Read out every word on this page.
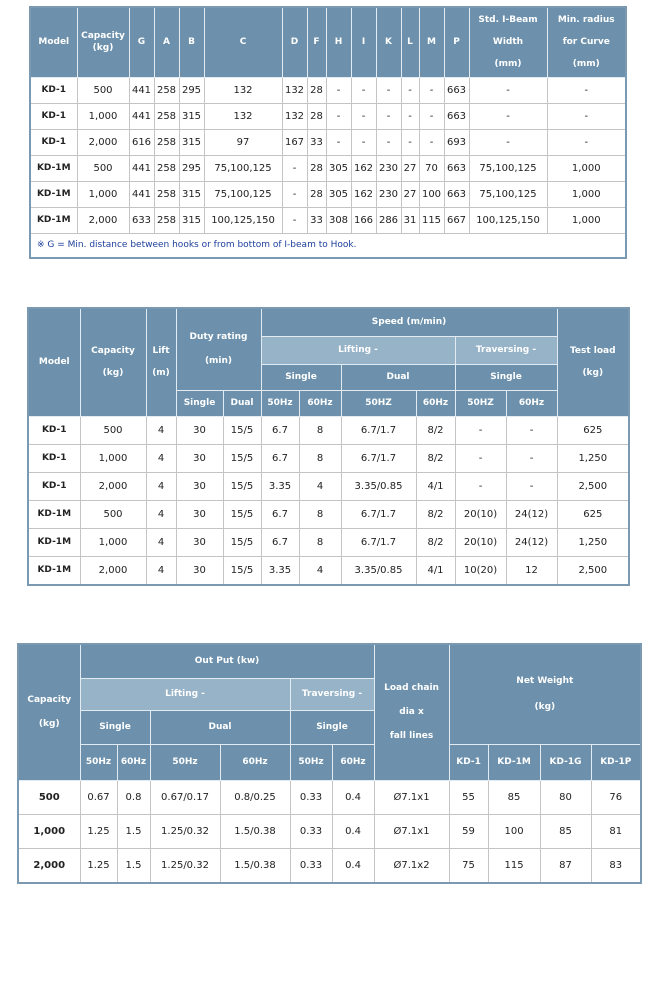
Model	Capacity
(kg)	G	A	B	C	D	F	H	I	K	L	M	P	Std. I-Beam
Width
(mm)	Min. radius
for Curve
(mm)
KD-1	500	441	258	295	132	132	28	-	-	-	-	-	663	-	-
KD-1	1,000	441	258	315	132	132	28	-	-	-	-	-	663	-	-
KD-1	2,000	616	258	315	97	167	33	-	-	-	-	-	693	-	-
KD-1M	500	441	258	295	75,100,125	-	28	305	162	230	27	70	663	75,100,125	1,000
KD-1M	1,000	441	258	315	75,100,125	-	28	305	162	230	27	100	663	75,100,125	1,000
KD-1M	2,000	633	258	315	100,125,150	-	33	308	166	286	31	115	667	100,125,150	1,000
※ G = Min. distance between hooks or from bottom of I-beam to Hook.															
Model	Capacity
(kg)	Lift
(m)	Duty rating
(min)		Speed (m/min)						Test load
(kg)
					Lifting -				Traversing -		
					Single		Dual		Single		
			Single	Dual	50Hz	60Hz	50HZ	60Hz	50HZ	60Hz	
KD-1	500	4	30	15/5	6.7	8	6.7/1.7	8/2	-	-	625
KD-1	1,000	4	30	15/5	6.7	8	6.7/1.7	8/2	-	-	1,250
KD-1	2,000	4	30	15/5	3.35	4	3.35/0.85	4/1	-	-	2,500
KD-1M	500	4	30	15/5	6.7	8	6.7/1.7	8/2	20(10)	24(12)	625
KD-1M	1,000	4	30	15/5	6.7	8	6.7/1.7	8/2	20(10)	24(12)	1,250
KD-1M	2,000	4	30	15/5	3.35	4	3.35/0.85	4/1	10(20)	12	2,500
Capacity
(kg)	Out Put (kw)						Load chain
dia x
fall lines	Net Weight
(kg)			
	Lifting -				Traversing -						
	Single		Dual		Single						
	50Hz	60Hz	50Hz	60Hz	50Hz	60Hz		KD-1	KD-1M	KD-1G	KD-1P
500	0.67	0.8	0.67/0.17	0.8/0.25	0.33	0.4	Ø7.1x1	55	85	80	76
1,000	1.25	1.5	1.25/0.32	1.5/0.38	0.33	0.4	Ø7.1x1	59	100	85	81
2,000	1.25	1.5	1.25/0.32	1.5/0.38	0.33	0.4	Ø7.1x2	75	115	87	83
